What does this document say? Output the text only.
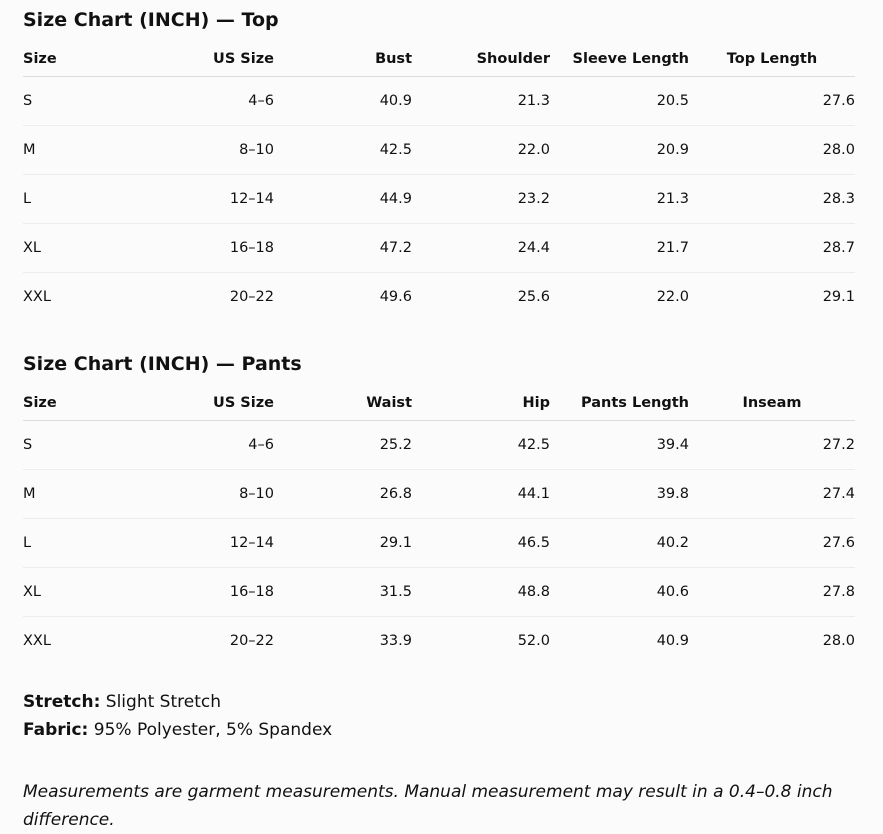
Size Chart (INCH) — Top
Size	US Size	Bust	Shoulder	Sleeve Length	Top Length
S	4–6	40.9	21.3	20.5	27.6
M	8–10	42.5	22.0	20.9	28.0
L	12–14	44.9	23.2	21.3	28.3
XL	16–18	47.2	24.4	21.7	28.7
XXL	20–22	49.6	25.6	22.0	29.1
Size Chart (INCH) — Pants
Size	US Size	Waist	Hip	Pants Length	Inseam
S	4–6	25.2	42.5	39.4	27.2
M	8–10	26.8	44.1	39.8	27.4
L	12–14	29.1	46.5	40.2	27.6
XL	16–18	31.5	48.8	40.6	27.8
XXL	20–22	33.9	52.0	40.9	28.0
Stretch: Slight Stretch
Fabric: 95% Polyester, 5% Spandex

Measurements are garment measurements. Manual measurement may result in a 0.4–0.8 inch difference.
